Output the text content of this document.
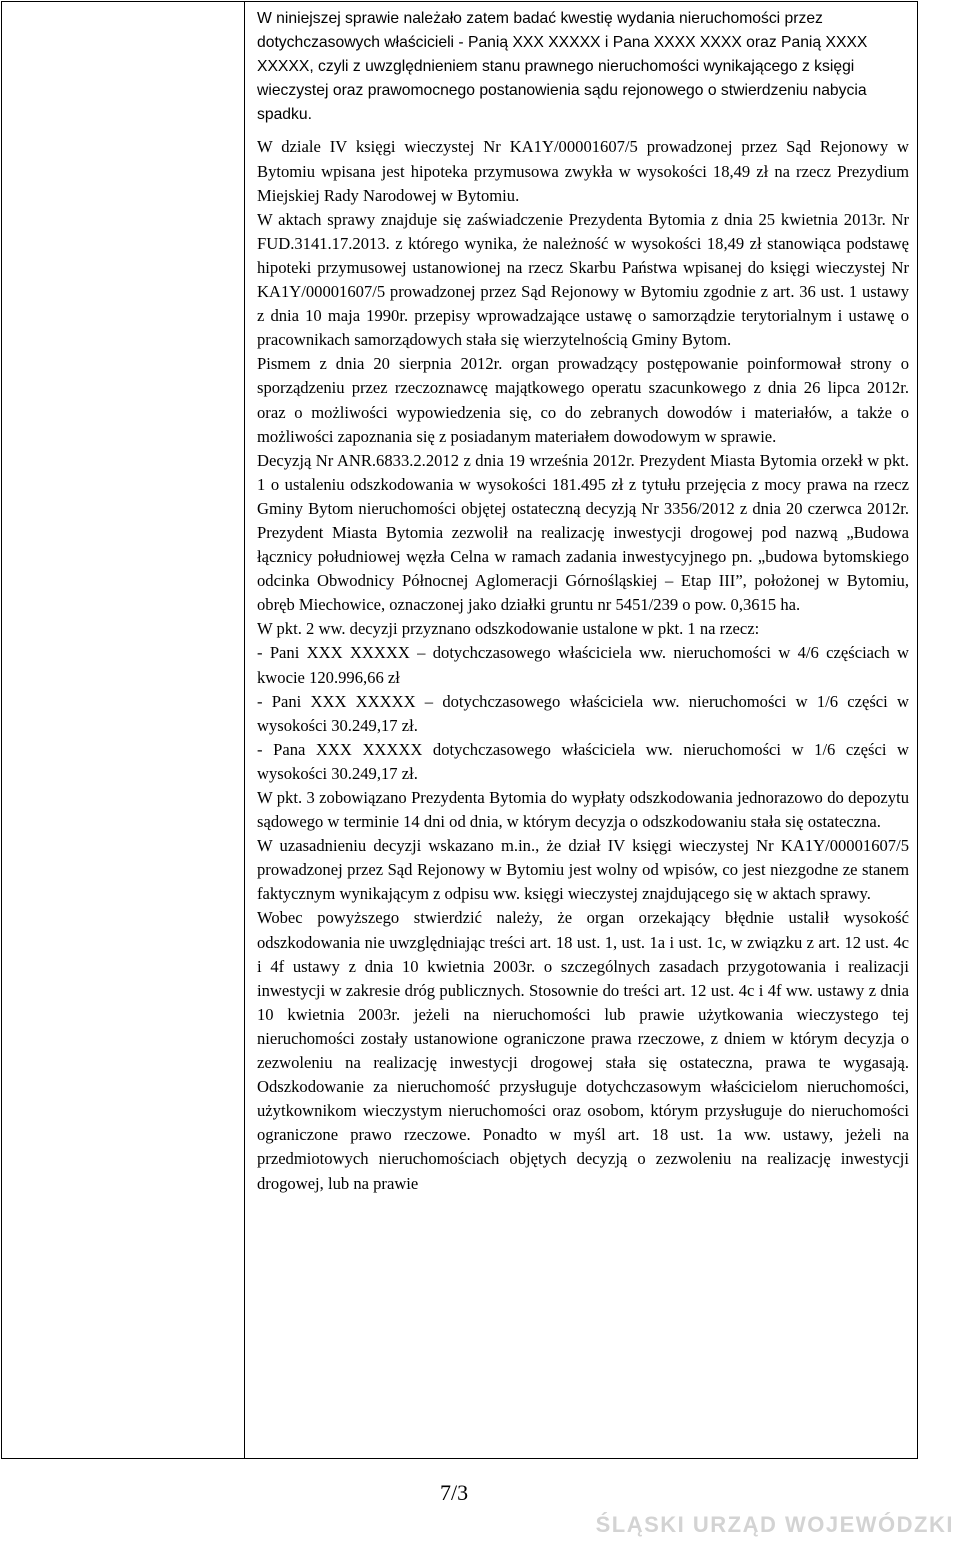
W niniejszej sprawie należało zatem badać kwestię wydania nieruchomości przez dotychczasowych właścicieli - Panią XXX XXXXX i Pana XXXX XXXX oraz Panią XXXX XXXXX, czyli z uwzględnieniem stanu prawnego nieruchomości wynikającego z księgi wieczystej oraz prawomocnego postanowienia sądu rejonowego o stwierdzeniu nabycia spadku.

W dziale IV księgi wieczystej Nr KA1Y/00001607/5 prowadzonej przez Sąd Rejonowy w Bytomiu wpisana jest hipoteka przymusowa zwykła w wysokości 18,49 zł na rzecz Prezydium Miejskiej Rady Narodowej w Bytomiu.

W aktach sprawy znajduje się zaświadczenie Prezydenta Bytomia z dnia 25 kwietnia 2013r. Nr FUD.3141.17.2013. z którego wynika, że należność w wysokości 18,49 zł stanowiąca podstawę hipoteki przymusowej ustanowionej na rzecz Skarbu Państwa wpisanej do księgi wieczystej Nr KA1Y/00001607/5 prowadzonej przez Sąd Rejonowy w Bytomiu zgodnie z art. 36 ust. 1 ustawy z dnia 10 maja 1990r. przepisy wprowadzające ustawę o samorządzie terytorialnym i ustawę o pracownikach samorządowych stała się wierzytelnością Gminy Bytom.

Pismem z dnia 20 sierpnia 2012r. organ prowadzący postępowanie poinformował strony o sporządzeniu przez rzeczoznawcę majątkowego operatu szacunkowego z dnia 26 lipca 2012r. oraz o możliwości wypowiedzenia się, co do zebranych dowodów i materiałów, a także o możliwości zapoznania się z posiadanym materiałem dowodowym w sprawie.

Decyzją Nr ANR.6833.2.2012 z dnia 19 września 2012r. Prezydent Miasta Bytomia orzekł w pkt. 1 o ustaleniu odszkodowania w wysokości 181.495 zł z tytułu przejęcia z mocy prawa na rzecz Gminy Bytom nieruchomości objętej ostateczną decyzją Nr 3356/2012 z dnia 20 czerwca 2012r. Prezydent Miasta Bytomia zezwolił na realizację inwestycji drogowej pod nazwą „Budowa łącznicy południowej węzła Celna w ramach zadania inwestycyjnego pn. „budowa bytomskiego odcinka Obwodnicy Północnej Aglomeracji Górnośląskiej – Etap III”, położonej w Bytomiu, obręb Miechowice, oznaczonej jako działki gruntu nr 5451/239 o pow. 0,3615 ha.

W pkt. 2 ww. decyzji przyznano odszkodowanie ustalone w pkt. 1 na rzecz:

- Pani XXX XXXXX – dotychczasowego właściciela ww. nieruchomości w 4/6 częściach w kwocie 120.996,66 zł

- Pani XXX XXXXX – dotychczasowego właściciela ww. nieruchomości w 1/6 części w wysokości 30.249,17 zł.

- Pana XXX XXXXX dotychczasowego właściciela ww. nieruchomości w 1/6 części w wysokości 30.249,17 zł.

W pkt. 3 zobowiązano Prezydenta Bytomia do wypłaty odszkodowania jednorazowo do depozytu sądowego w terminie 14 dni od dnia, w którym decyzja o odszkodowaniu stała się ostateczna.

W uzasadnieniu decyzji wskazano m.in., że dział IV księgi wieczystej Nr KA1Y/00001607/5 prowadzonej przez Sąd Rejonowy w Bytomiu jest wolny od wpisów, co jest niezgodne ze stanem faktycznym wynikającym z odpisu ww. księgi wieczystej znajdującego się w aktach sprawy.

Wobec powyższego stwierdzić należy, że organ orzekający błędnie ustalił wysokość odszkodowania nie uwzględniając treści art. 18 ust. 1, ust. 1a i ust. 1c, w związku z art. 12 ust. 4c i 4f ustawy z dnia 10 kwietnia 2003r. o szczególnych zasadach przygotowania i realizacji inwestycji w zakresie dróg publicznych. Stosownie do treści art. 12 ust. 4c i 4f ww. ustawy z dnia 10 kwietnia 2003r. jeżeli na nieruchomości lub prawie użytkowania wieczystego tej nieruchomości zostały ustanowione ograniczone prawa rzeczowe, z dniem w którym decyzja o zezwoleniu na realizację inwestycji drogowej stała się ostateczna, prawa te wygasają. Odszkodowanie za nieruchomość przysługuje dotychczasowym właścicielom nieruchomości, użytkownikom wieczystym nieruchomości oraz osobom, którym przysługuje do nieruchomości ograniczone prawo rzeczowe. Ponadto w myśl art. 18 ust. 1a ww. ustawy, jeżeli na przedmiotowych nieruchomościach objętych decyzją o zezwoleniu na realizację inwestycji drogowej, lub na prawie

7/3
ŚLĄSKI URZĄD WOJEWÓDZKI
